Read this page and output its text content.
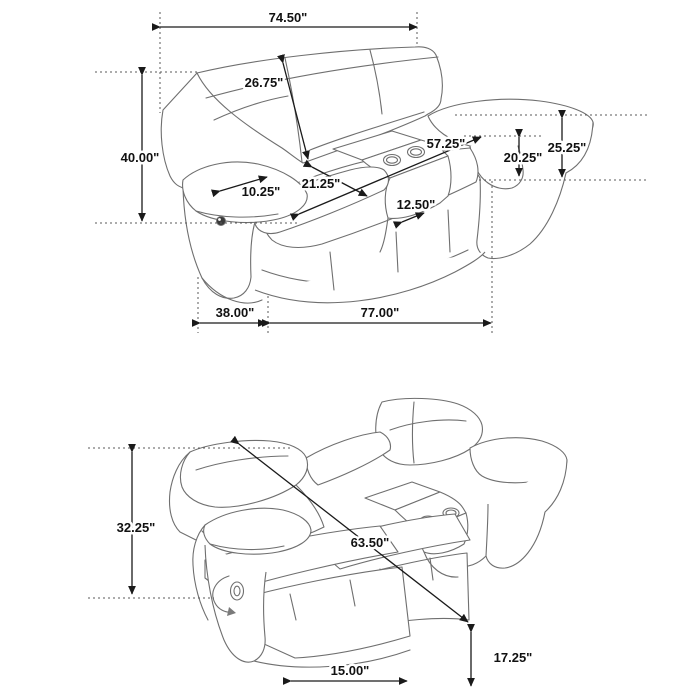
74.50"
26.75"
40.00"
57.25"
20.25"
25.25"
10.25"
21.25"
12.50"
38.00"	77.00"
32.25"
63.50"
15.00"
17.25"
